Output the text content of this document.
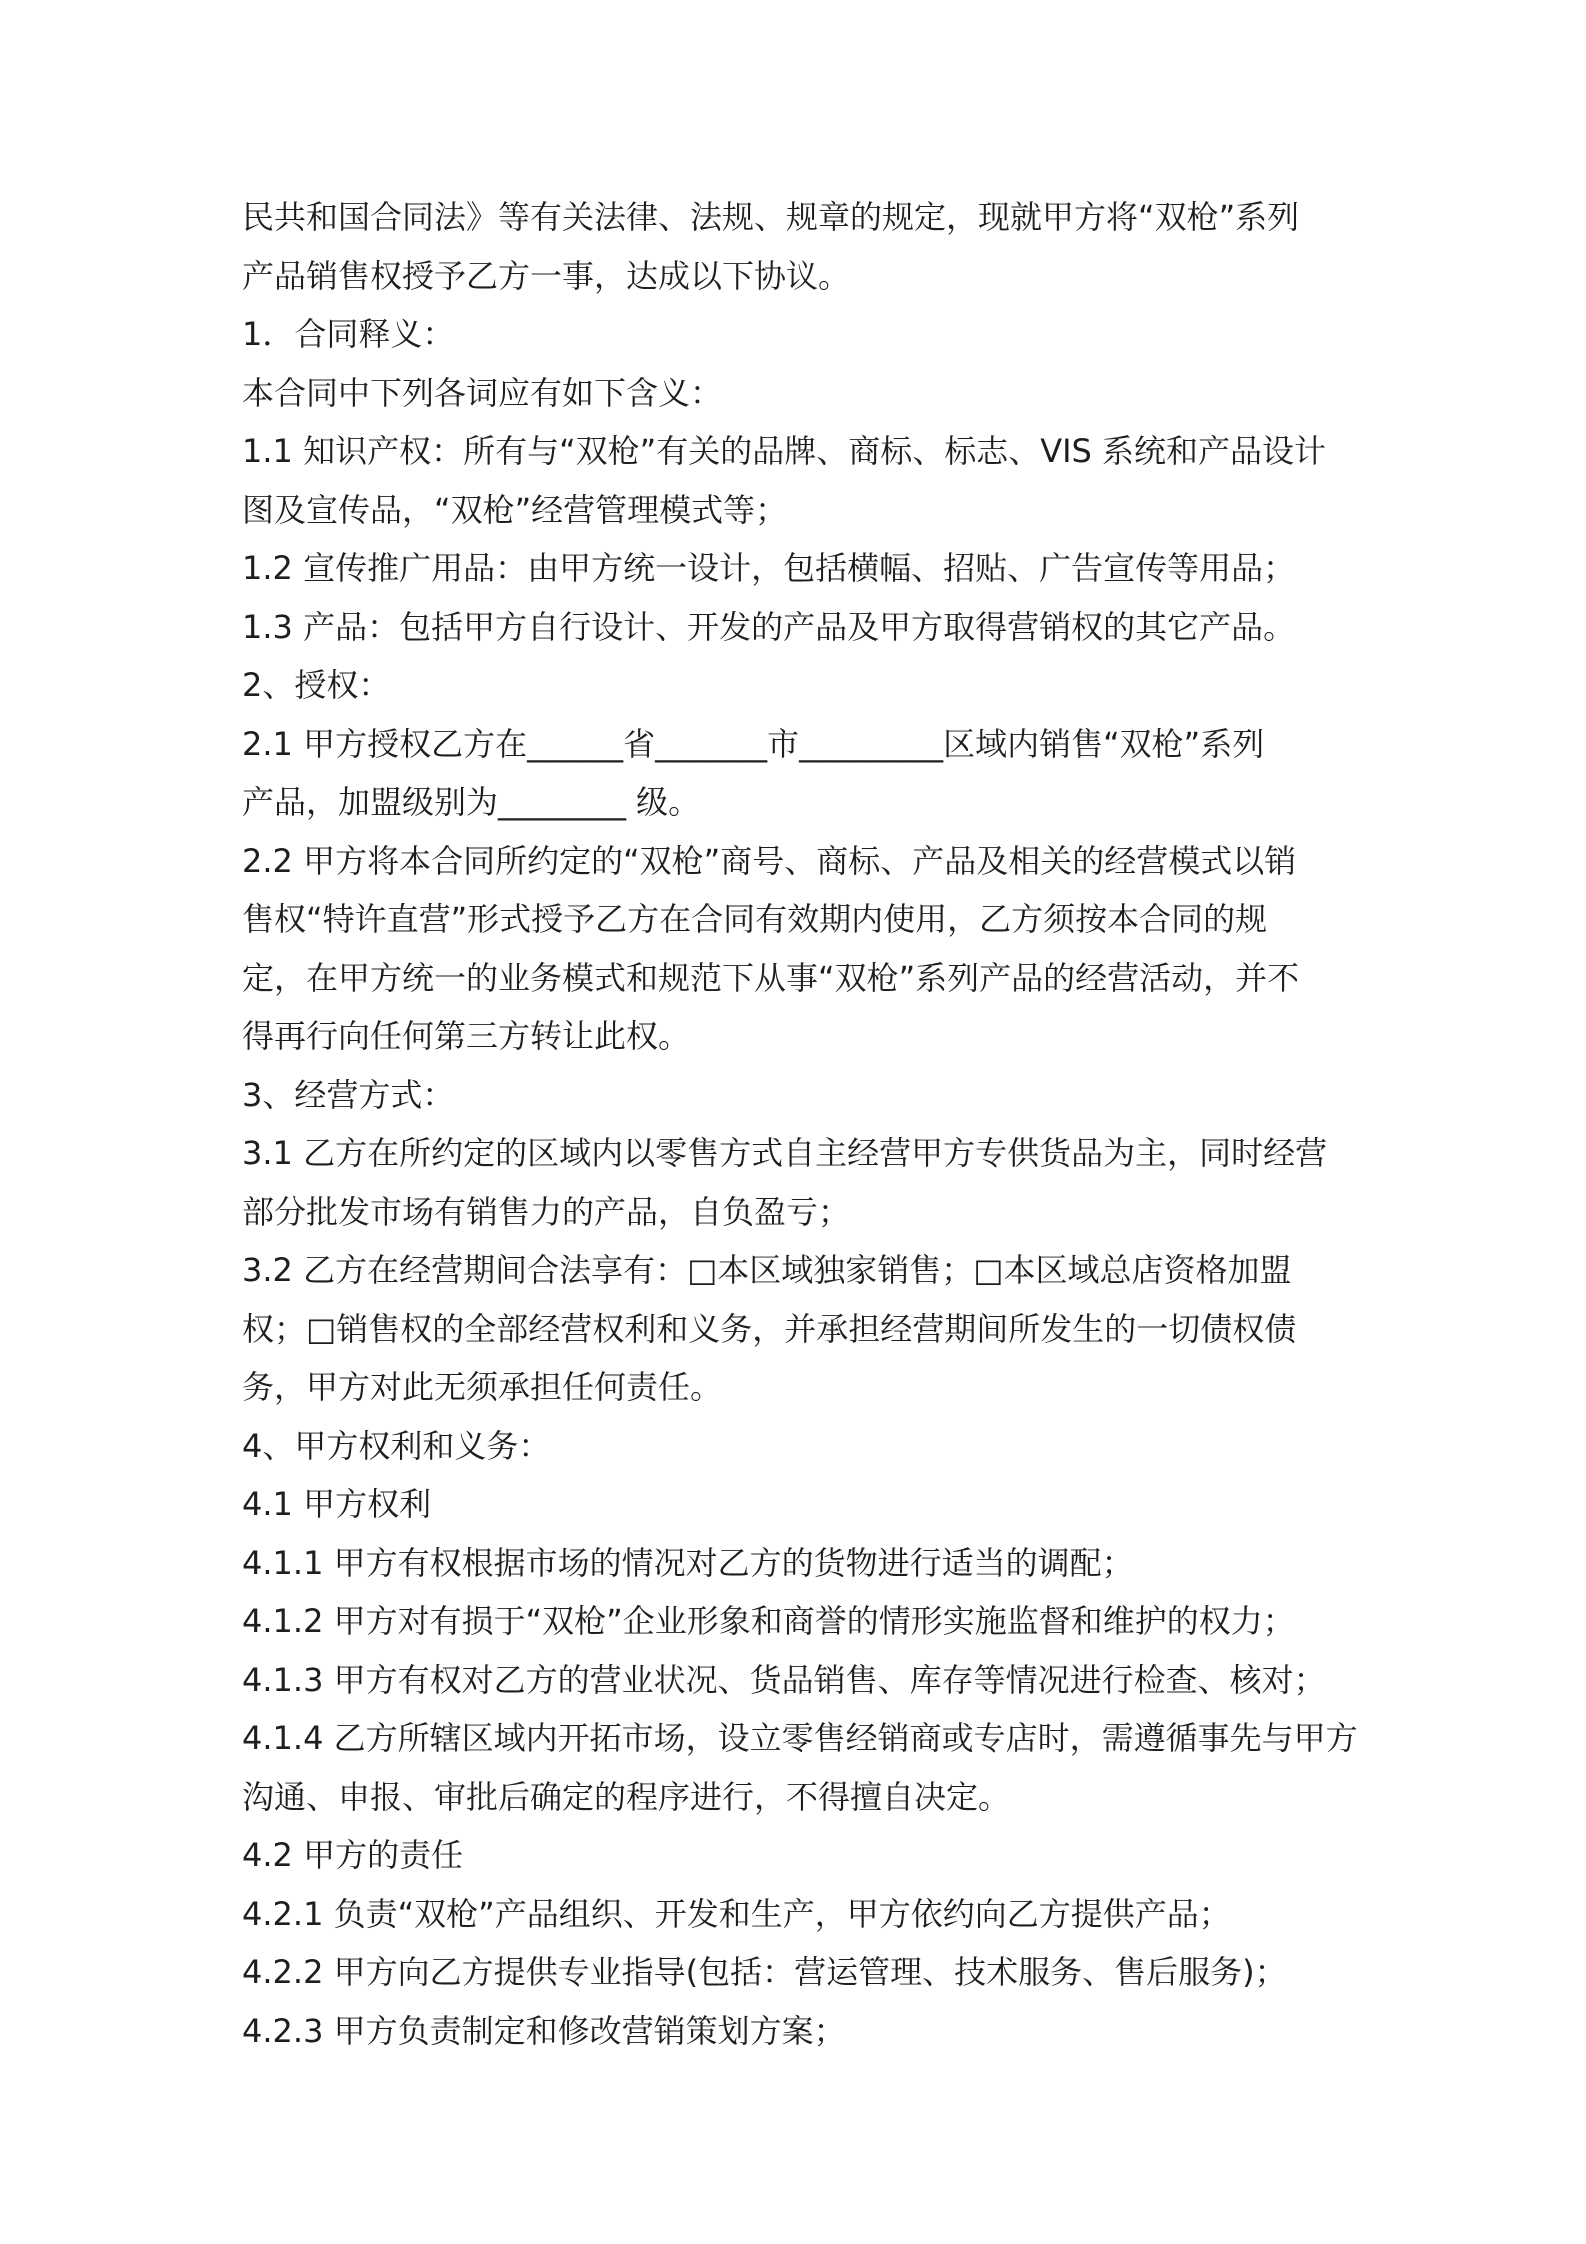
民共和国合同法》等有关法律、法规、规章的规定，现就甲方将“双枪”系列
产品销售权授予乙方一事，达成以下协议。
1．合同释义：
本合同中下列各词应有如下含义：
1.1 知识产权：所有与“双枪”有关的品牌、商标、标志、VIS 系统和产品设计
图及宣传品，“双枪”经营管理模式等；
1.2 宣传推广用品：由甲方统一设计，包括横幅、招贴、广告宣传等用品；
1.3 产品：包括甲方自行设计、开发的产品及甲方取得营销权的其它产品。
2、授权：
2.1 甲方授权乙方在______省_______市_________区域内销售“双枪”系列
产品，加盟级别为________ 级。
2.2 甲方将本合同所约定的“双枪”商号、商标、产品及相关的经营模式以销
售权“特许直营”形式授予乙方在合同有效期内使用，乙方须按本合同的规
定，在甲方统一的业务模式和规范下从事“双枪”系列产品的经营活动，并不
得再行向任何第三方转让此权。
3、经营方式：
3.1 乙方在所约定的区域内以零售方式自主经营甲方专供货品为主，同时经营
部分批发市场有销售力的产品，自负盈亏；
3.2 乙方在经营期间合法享有：□本区域独家销售；□本区域总店资格加盟
权；□销售权的全部经营权利和义务，并承担经营期间所发生的一切债权债
务，甲方对此无须承担任何责任。
4、甲方权利和义务：
4.1 甲方权利
4.1.1 甲方有权根据市场的情况对乙方的货物进行适当的调配；
4.1.2 甲方对有损于“双枪”企业形象和商誉的情形实施监督和维护的权力；
4.1.3 甲方有权对乙方的营业状况、货品销售、库存等情况进行检查、核对；
4.1.4 乙方所辖区域内开拓市场，设立零售经销商或专店时，需遵循事先与甲方
沟通、申报、审批后确定的程序进行，不得擅自决定。
4.2 甲方的责任
4.2.1 负责“双枪”产品组织、开发和生产，甲方依约向乙方提供产品；
4.2.2 甲方向乙方提供专业指导(包括：营运管理、技术服务、售后服务)；
4.2.3 甲方负责制定和修改营销策划方案；
